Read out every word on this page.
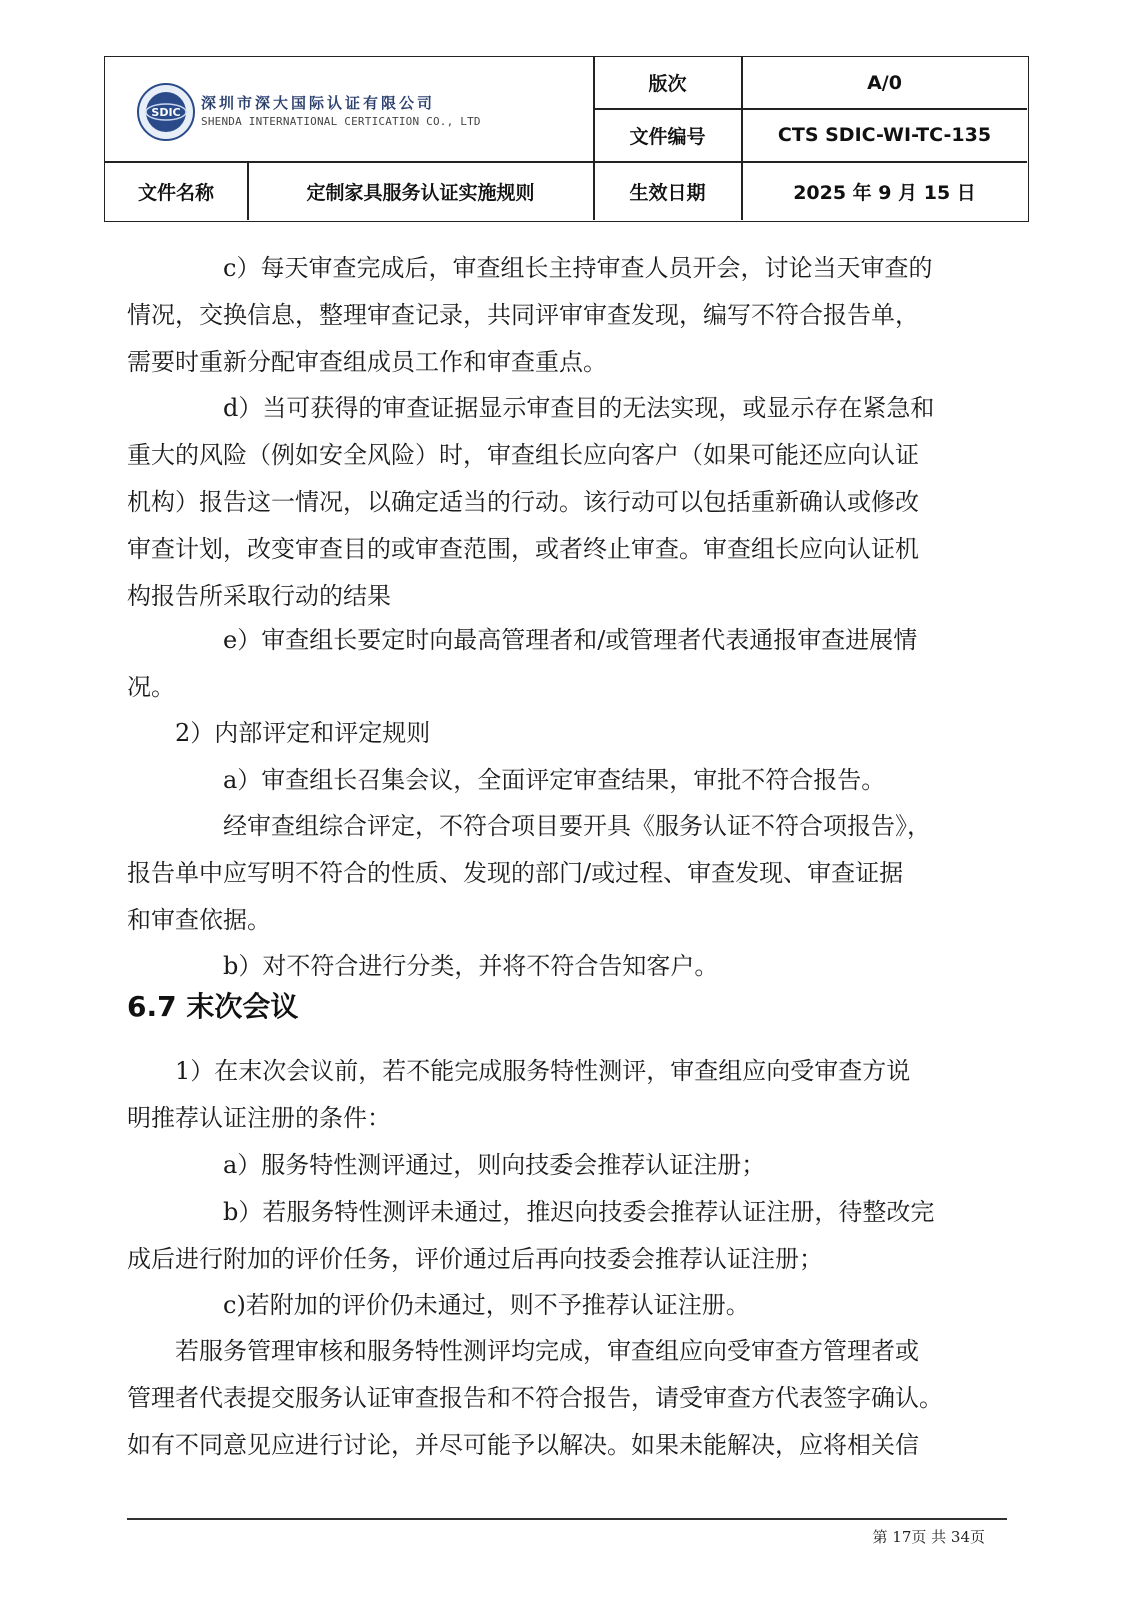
SDIC
深圳市深大国际认证有限公司
SHENDA INTERNATIONAL CERTICATION CO., LTD
版次	A/0
文件编号	CTS SDIC-WI-TC-135
文件名称	定制家具服务认证实施规则	生效日期	2025 年 9 月 15 日

c）每天审查完成后，审查组长主持审查人员开会，讨论当天审查的
情况，交换信息，整理审查记录，共同评审审查发现，编写不符合报告单，
需要时重新分配审查组成员工作和审查重点。

d）当可获得的审查证据显示审查目的无法实现，或显示存在紧急和
重大的风险（例如安全风险）时，审查组长应向客户（如果可能还应向认证
机构）报告这一情况，以确定适当的行动。该行动可以包括重新确认或修改
审查计划，改变审查目的或审查范围，或者终止审查。审查组长应向认证机
构报告所采取行动的结果

e）审查组长要定时向最高管理者和/或管理者代表通报审查进展情
况。

2）内部评定和评定规则

a）审查组长召集会议，全面评定审查结果，审批不符合报告。

经审查组综合评定，不符合项目要开具《服务认证不符合项报告》，
报告单中应写明不符合的性质、发现的部门/或过程、审查发现、审查证据
和审查依据。

b）对不符合进行分类，并将不符合告知客户。

6.7 末次会议

1）在末次会议前，若不能完成服务特性测评，审查组应向受审查方说
明推荐认证注册的条件：

a）服务特性测评通过，则向技委会推荐认证注册；

b）若服务特性测评未通过，推迟向技委会推荐认证注册，待整改完
成后进行附加的评价任务，评价通过后再向技委会推荐认证注册；

c)若附加的评价仍未通过，则不予推荐认证注册。

若服务管理审核和服务特性测评均完成，审查组应向受审查方管理者或
管理者代表提交服务认证审查报告和不符合报告，请受审查方代表签字确认。
如有不同意见应进行讨论，并尽可能予以解决。如果未能解决，应将相关信

第 17页 共 34页
